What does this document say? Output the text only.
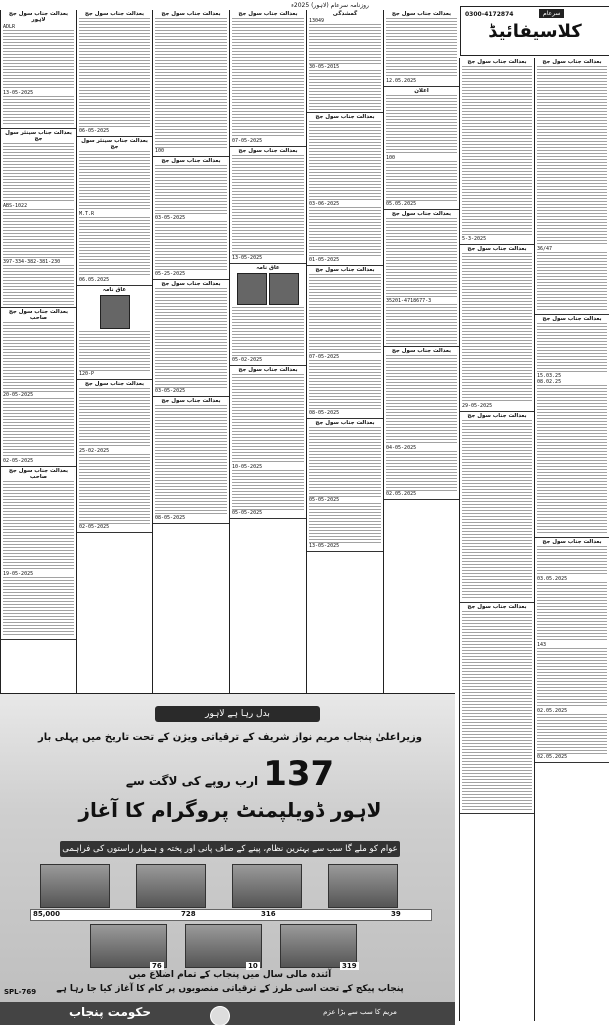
روزنامہ سرعام (لاہور) 2025ء
0300-4172874	سرعام
کلاسیفائیڈ
بعدالت جناب سول جج لاہور
ADLR
13-05-2025
بعدالت جناب سینئر سول جج
ABS-1022
397-334-382-381-230
بعدالت جناب سول جج صاحب
20-05-2025
02-05-2025
بعدالت جناب سول جج صاحب
19-05-2025
بعدالت جناب سول جج
06-05-2025
بعدالت جناب سینئر سول جج
M.T.R
06.05.2025
عاق نامہ
120-P
بعدالت جناب سول جج
25-02-2025
02-05-2025
بعدالت جناب سول جج
100
بعدالت جناب سول جج
03-05-2025
05-25-2025
بعدالت جناب سول جج
03-05-2025
بعدالت جناب سول جج
08-05-2025
بعدالت جناب سول جج
07-05-2025
بعدالت جناب سول جج
13-05-2025
عاق نامہ
05-02-2025
بعدالت جناب سول جج
10-05-2025
05-05-2025
گمشدگی
13049
30-05-2015
بعدالت جناب سول جج
03-06-2025
01-05-2025
بعدالت جناب سول جج
07-05-2025
08-05-2025
بعدالت جناب سول جج
05-05-2025
13-05-2025
بعدالت جناب سول جج
12.05.2025
اعلان
100
05.05.2025
بعدالت جناب سول جج
35201-4718677-3
بعدالت جناب سول جج
04-05-2025
02.05.2025
بعدالت جناب سول جج
5-3-2025
بعدالت جناب سول جج
29-05-2025
بعدالت جناب سول جج
بعدالت جناب سول جج
بعدالت جناب سول جج
36/47
بعدالت جناب سول جج
15.03.25
08.02.25
بعدالت جناب سول جج
03.05.2025
143
02.05.2025
02.05.2025
بدل رہا ہے لاہور
وزیراعلیٰ پنجاب مریم نواز شریف کے ترقیاتی ویژن کے تحت تاریخ میں پہلی بار
137 ارب روپے کی لاگت سے
لاہور ڈویلپمنٹ پروگرام کا آغاز
عوام کو ملے گا سب سے بہترین نظام، پینے کے صاف پانی اور پختہ و ہموار راستوں کی فراہمی
85,000	728	316	39
76	10	319
آئندہ مالی سال میں پنجاب کے تمام اضلاع میں
پنجاب پیکج کے تحت اسی طرز کے ترقیاتی منصوبوں پر کام کا آغاز کیا جا رہا ہے
SPL-769
حکومت پنجاب	مریم کا سب سے بڑا عزم
